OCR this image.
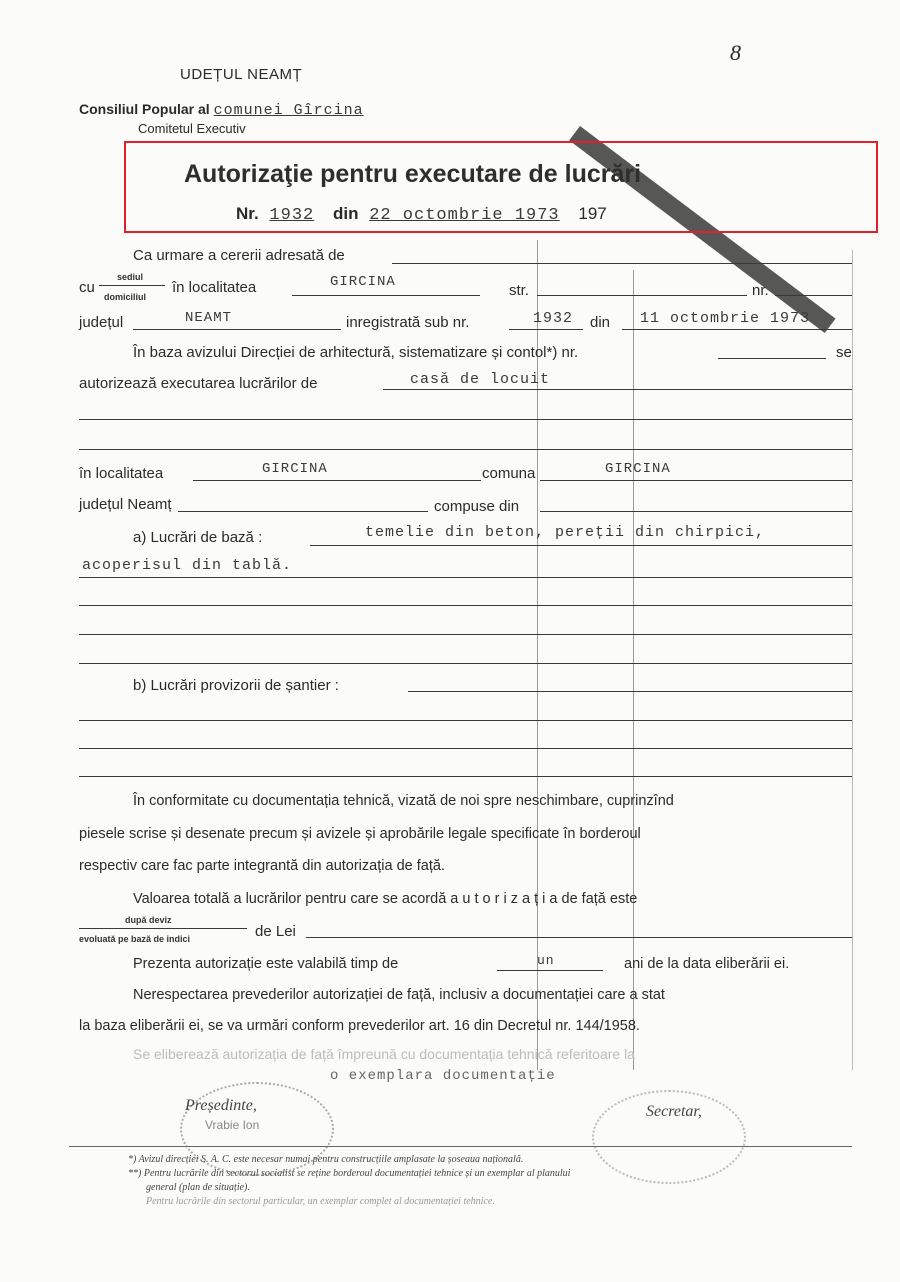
8
UDEȚUL NEAMȚ
Consiliul Popular al comunei Gîrcina
Comitetul Executiv
Autorizaţie pentru executare de lucrări
Nr. 1932 din 22 octombrie 1973 197
Ca urmare a cererii adresată de
cu
sediul
domiciliul
în localitatea	GIRCINA	str.	nr.
județul	NEAMT	inregistrată sub nr.	1932 din 11 octombrie 1973
În baza avizului Direcției de arhitectură, sistematizare și contol*) nr.	se
autorizează executarea lucrărilor de	casă de locuit
în localitatea	GIRCINA	comuna	GIRCINA
județul Neamț	compuse din
a) Lucrări de bază :	temelie din beton, pereții din chirpici,
acoperisul din tablă.
b) Lucrări provizorii de șantier :
În conformitate cu documentația tehnică, vizată de noi spre neschimbare, cuprinzînd
piesele scrise și desenate precum și avizele și aprobările legale specificate în borderoul
respectiv care fac parte integrantă din autorizația de față.
Valoarea totală a lucrărilor pentru care se acordă a u t o r i z a ț i a de față este
după deviz
evoluată pe bază de indici	de Lei
Prezenta autorizație este valabilă timp de	un	ani de la data eliberării ei.
Nerespectarea prevederilor autorizației de față, inclusiv a documentației care a stat
la baza eliberării ei, se va urmări conform prevederilor art. 16 din Decretul nr. 144/1958.
Se eliberează autorizația de față împreună cu documentația tehnică referitoare la
o exemplara documentație
Președinte,
Vrabie Ion
Secretar,
*) Avizul direcției S. A. C. este necesar numai pentru construcțiile amplasate la șoseaua națională.
**) Pentru lucrările din sectorul socialist se reține borderoul documentației tehnice și un exemplar al planului
general (plan de situație).
Pentru lucrările din sectorul particular, un exemplar complet al documentației tehnice.
